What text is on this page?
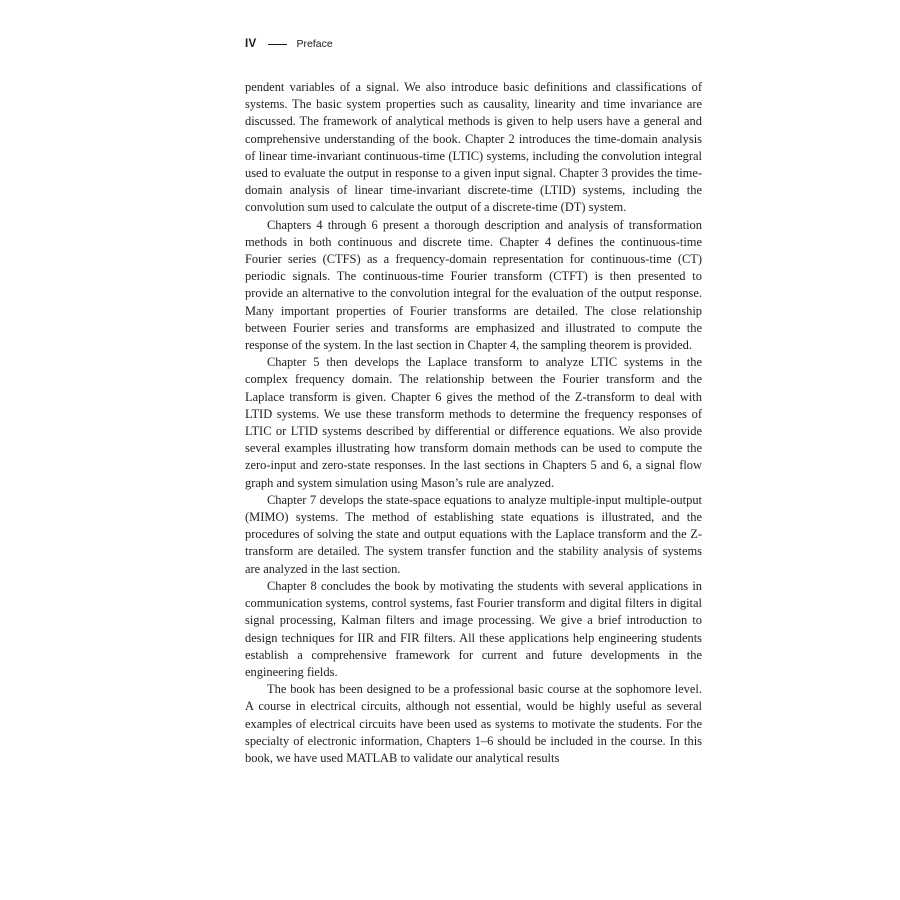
IV	Preface

pendent variables of a signal. We also introduce basic definitions and classifications of systems. The basic system properties such as causality, linearity and time invariance are discussed. The framework of analytical methods is given to help users have a general and comprehensive understanding of the book. Chapter 2 introduces the time-domain analysis of linear time-invariant continuous-time (LTIC) systems, including the convolution integral used to evaluate the output in response to a given input signal. Chapter 3 provides the time-domain analysis of linear time-invariant discrete-time (LTID) systems, including the convolution sum used to calculate the output of a discrete-time (DT) system.

Chapters 4 through 6 present a thorough description and analysis of transformation methods in both continuous and discrete time. Chapter 4 defines the continuous-time Fourier series (CTFS) as a frequency-domain representation for continuous-time (CT) periodic signals. The continuous-time Fourier transform (CTFT) is then presented to provide an alternative to the convolution integral for the evaluation of the output response. Many important properties of Fourier transforms are detailed. The close relationship between Fourier series and transforms are emphasized and illustrated to compute the response of the system. In the last section in Chapter 4, the sampling theorem is provided.

Chapter 5 then develops the Laplace transform to analyze LTIC systems in the complex frequency domain. The relationship between the Fourier transform and the Laplace transform is given. Chapter 6 gives the method of the Z-transform to deal with LTID systems. We use these transform methods to determine the frequency responses of LTIC or LTID systems described by differential or difference equations. We also provide several examples illustrating how transform domain methods can be used to compute the zero-input and zero-state responses. In the last sections in Chapters 5 and 6, a signal flow graph and system simulation using Mason’s rule are analyzed.

Chapter 7 develops the state-space equations to analyze multiple-input multiple-output (MIMO) systems. The method of establishing state equations is illustrated, and the procedures of solving the state and output equations with the Laplace transform and the Z-transform are detailed. The system transfer function and the stability analysis of systems are analyzed in the last section.

Chapter 8 concludes the book by motivating the students with several applications in communication systems, control systems, fast Fourier transform and digital filters in digital signal processing, Kalman filters and image processing. We give a brief introduction to design techniques for IIR and FIR filters. All these applications help engineering students establish a comprehensive framework for current and future developments in the engineering fields.

The book has been designed to be a professional basic course at the sophomore level. A course in electrical circuits, although not essential, would be highly useful as several examples of electrical circuits have been used as systems to motivate the students. For the specialty of electronic information, Chapters 1–6 should be included in the course. In this book, we have used MATLAB to validate our analytical results
